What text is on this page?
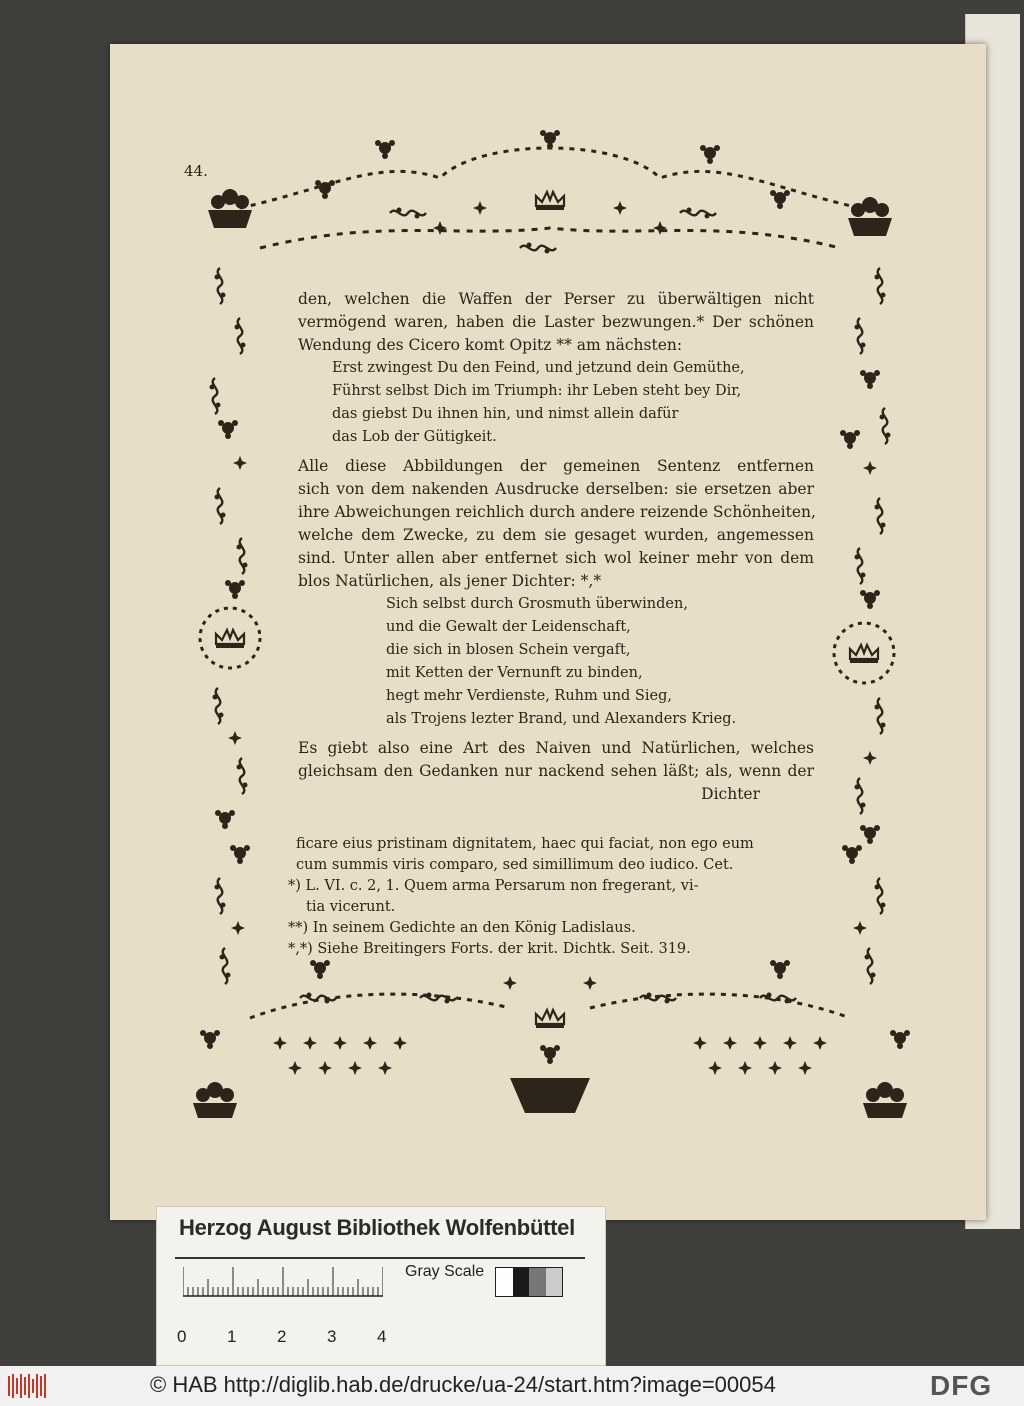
44.
den, welchen die Waffen der Perser zu überwältigen nicht
vermögend waren, haben die Laster bezwungen.* Der schönen
Wendung des Cicero komt Opitz ** am nächsten:
Erst zwingest Du den Feind, und jetzund dein Gemüthe,
Führst selbst Dich im Triumph: ihr Leben steht bey Dir,
das giebst Du ihnen hin, und nimst allein dafür
das Lob der Gütigkeit.
Alle diese Abbildungen der gemeinen Sentenz entfernen
sich von dem nakenden Ausdrucke derselben: sie ersetzen aber
ihre Abweichungen reichlich durch andere reizende Schönheiten,
welche dem Zwecke, zu dem sie gesaget wurden, angemessen
sind. Unter allen aber entfernet sich wol keiner mehr von dem
blos Natürlichen, als jener Dichter: *,*
Sich selbst durch Grosmuth überwinden,
und die Gewalt der Leidenschaft,
die sich in blosen Schein vergaft,
mit Ketten der Vernunft zu binden,
hegt mehr Verdienste, Ruhm und Sieg,
als Trojens lezter Brand, und Alexanders Krieg.
Es giebt also eine Art des Naiven und Natürlichen, welches
gleichsam den Gedanken nur nackend sehen läßt; als, wenn der
Dichter
ficare eius pristinam dignitatem, haec qui faciat, non ego eum
cum summis viris comparo, sed simillimum deo iudico. Cet.
*) L. VI. c. 2, 1. Quem arma Persarum non fregerant, vi-
tia vicerunt.
**) In seinem Gedichte an den König Ladislaus.
*,*) Siehe Breitingers Forts. der krit. Dichtk. Seit. 319.
Herzog August Bibliothek Wolfenbüttel
Gray Scale
0 1 2 3 4
© HAB http://diglib.hab.de/drucke/ua-24/start.htm?image=00054	DFG
